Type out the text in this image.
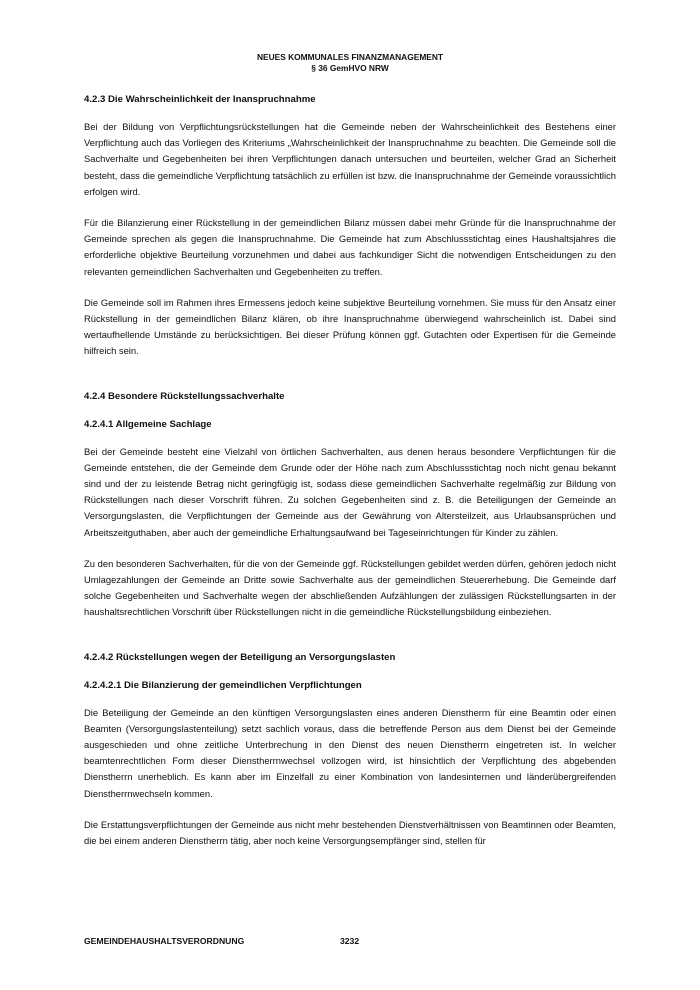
NEUES KOMMUNALES FINANZMANAGEMENT
§ 36 GemHVO NRW
4.2.3 Die Wahrscheinlichkeit der Inanspruchnahme

Bei der Bildung von Verpflichtungsrückstellungen hat die Gemeinde neben der Wahrscheinlichkeit des Bestehens einer Verpflichtung auch das Vorliegen des Kriteriums „Wahrscheinlichkeit der Inanspruchnahme zu beachten. Die Gemeinde soll die Sachverhalte und Gegebenheiten bei ihren Verpflichtungen danach untersuchen und beurteilen, welcher Grad an Sicherheit besteht, dass die gemeindliche Verpflichtung tatsächlich zu erfüllen ist bzw. die Inanspruchnahme der Gemeinde voraussichtlich erfolgen wird.

Für die Bilanzierung einer Rückstellung in der gemeindlichen Bilanz müssen dabei mehr Gründe für die Inanspruchnahme der Gemeinde sprechen als gegen die Inanspruchnahme. Die Gemeinde hat zum Abschlussstichtag eines Haushaltsjahres die erforderliche objektive Beurteilung vorzunehmen und dabei aus fachkundiger Sicht die notwendigen Entscheidungen zu den relevanten gemeindlichen Sachverhalten und Gegebenheiten zu treffen.

Die Gemeinde soll im Rahmen ihres Ermessens jedoch keine subjektive Beurteilung vornehmen. Sie muss für den Ansatz einer Rückstellung in der gemeindlichen Bilanz klären, ob ihre Inanspruchnahme überwiegend wahrscheinlich ist. Dabei sind wertaufhellende Umstände zu berücksichtigen. Bei dieser Prüfung können ggf. Gutachten oder Expertisen für die Gemeinde hilfreich sein.

4.2.4 Besondere Rückstellungssachverhalte
4.2.4.1 Allgemeine Sachlage

Bei der Gemeinde besteht eine Vielzahl von örtlichen Sachverhalten, aus denen heraus besondere Verpflichtungen für die Gemeinde entstehen, die der Gemeinde dem Grunde oder der Höhe nach zum Abschlussstichtag noch nicht genau bekannt sind und der zu leistende Betrag nicht geringfügig ist, sodass diese gemeindlichen Sachverhalte regelmäßig zur Bildung von Rückstellungen nach dieser Vorschrift führen. Zu solchen Gegebenheiten sind z. B. die Beteiligungen der Gemeinde an Versorgungslasten, die Verpflichtungen der Gemeinde aus der Gewährung von Altersteilzeit, aus Urlaubsansprüchen und Arbeitszeitguthaben, aber auch der gemeindliche Erhaltungsaufwand bei Tageseinrichtungen für Kinder zu zählen.

Zu den besonderen Sachverhalten, für die von der Gemeinde ggf. Rückstellungen gebildet werden dürfen, gehören jedoch nicht Umlagezahlungen der Gemeinde an Dritte sowie Sachverhalte aus der gemeindlichen Steuererhebung. Die Gemeinde darf solche Gegebenheiten und Sachverhalte wegen der abschließenden Aufzählungen der zulässigen Rückstellungsarten in der haushaltsrechtlichen Vorschrift über Rückstellungen nicht in die gemeindliche Rückstellungsbildung einbeziehen.

4.2.4.2 Rückstellungen wegen der Beteiligung an Versorgungslasten
4.2.4.2.1 Die Bilanzierung der gemeindlichen Verpflichtungen

Die Beteiligung der Gemeinde an den künftigen Versorgungslasten eines anderen Dienstherrn für eine Beamtin oder einen Beamten (Versorgungslastenteilung) setzt sachlich voraus, dass die betreffende Person aus dem Dienst bei der Gemeinde ausgeschieden und ohne zeitliche Unterbrechung in den Dienst des neuen Dienstherrn eingetreten ist. In welcher beamtenrechtlichen Form dieser Dienstherrnwechsel vollzogen wird, ist hinsichtlich der Verpflichtung des abgebenden Dienstherrn unerheblich. Es kann aber im Einzelfall zu einer Kombination von landesinternen und länderübergreifenden Dienstherrnwechseln kommen.

Die Erstattungsverpflichtungen der Gemeinde aus nicht mehr bestehenden Dienstverhältnissen von Beamtinnen oder Beamten, die bei einem anderen Dienstherrn tätig, aber noch keine Versorgungsempfänger sind, stellen für

GEMEINDEHAUSHALTSVERORDNUNG	3232
